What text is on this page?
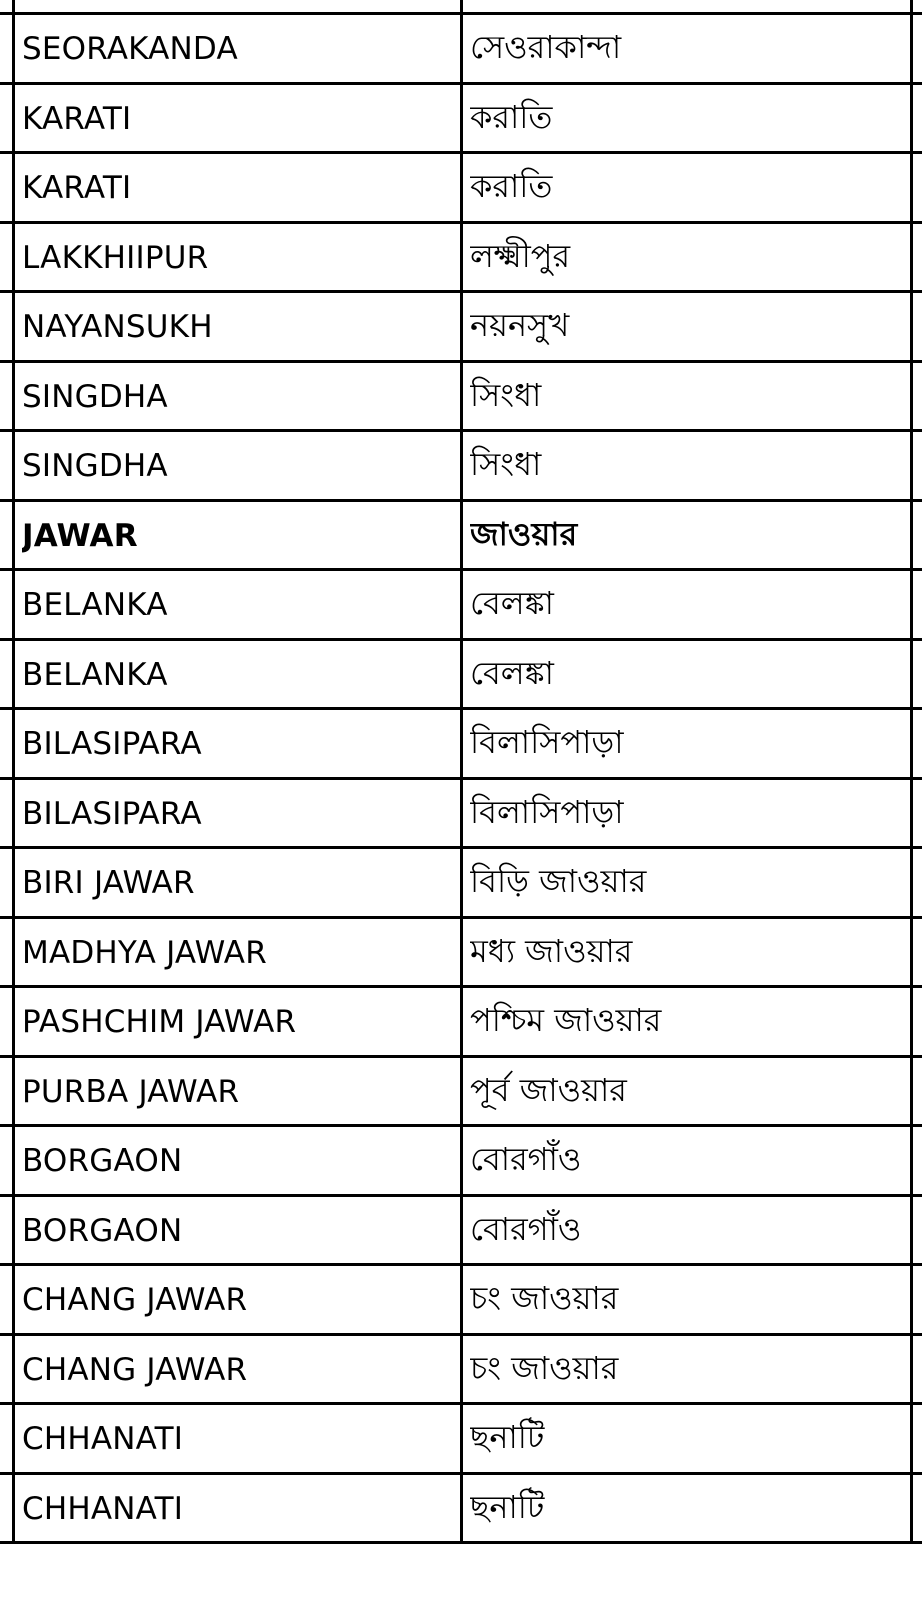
SEORAKANDA	সেওরাকান্দা
KARATI	করাতি
KARATI	করাতি
LAKKHIIPUR	লক্ষ্মীপুর
NAYANSUKH	নয়নসুখ
SINGDHA	সিংধা
SINGDHA	সিংধা
JAWAR	জাওয়ার
BELANKA	বেলঙ্কা
BELANKA	বেলঙ্কা
BILASIPARA	বিলাসিপাড়া
BILASIPARA	বিলাসিপাড়া
BIRI JAWAR	বিড়ি জাওয়ার
MADHYA JAWAR	মধ্য জাওয়ার
PASHCHIM JAWAR	পশ্চিম জাওয়ার
PURBA JAWAR	পূর্ব জাওয়ার
BORGAON	বোরগাঁও
BORGAON	বোরগাঁও
CHANG JAWAR	চং জাওয়ার
CHANG JAWAR	চং জাওয়ার
CHHANATI	ছনাটি
CHHANATI	ছনাটি
